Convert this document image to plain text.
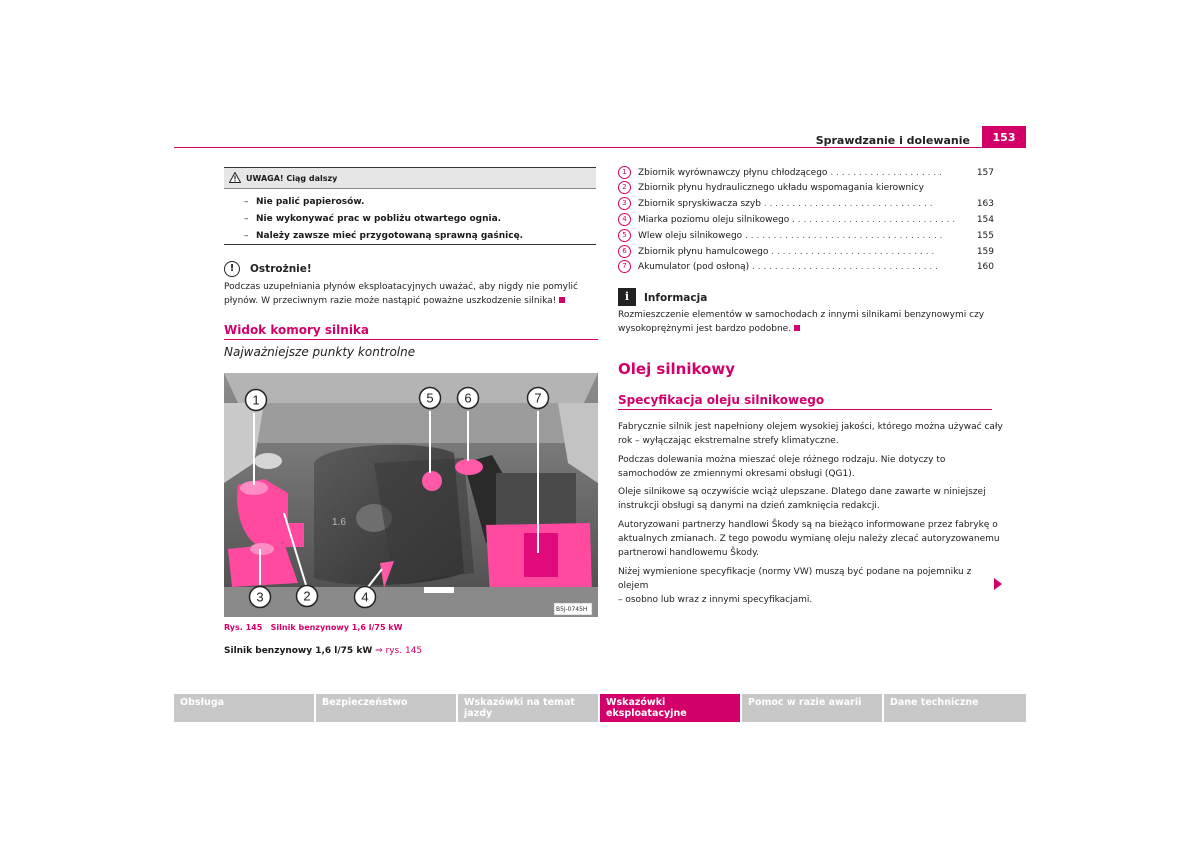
Sprawdzanie i dolewanie	153
UWAGA! Ciąg dalszy
– Nie palić papierosów.
– Nie wykonywać prac w pobliżu otwartego ognia.
– Należy zawsze mieć przygotowaną sprawną gaśnicę.
!	Ostrożnie!
Podczas uzupełniania płynów eksploatacyjnych uważać, aby nigdy nie pomylić
płynów. W przeciwnym razie może nastąpić poważne uszkodzenie silnika!
Widok komory silnika
Najważniejsze punkty kontrolne
1.6
1
2
3	4
5 6	7
B5J-0745H
Rys. 145 Silnik benzynowy 1,6 l/75 kW
Silnik benzynowy 1,6 l/75 kW ⇒ rys. 145
1	Zbiornik wyrównawczy płynu chłodzącego . . . . . . . . . . . . . . . . . . . .	157
2	Zbiornik płynu hydraulicznego układu wspomagania kierownicy
3	Zbiornik spryskiwacza szyb . . . . . . . . . . . . . . . . . . . . . . . . . . . . . .	163
4	Miarka poziomu oleju silnikowego . . . . . . . . . . . . . . . . . . . . . . . . . . . . .	154
5	Wlew oleju silnikowego . . . . . . . . . . . . . . . . . . . . . . . . . . . . . . . . . . .	155
6	Zbiornik płynu hamulcowego . . . . . . . . . . . . . . . . . . . . . . . . . . . . .	159
7	Akumulator (pod osłoną) . . . . . . . . . . . . . . . . . . . . . . . . . . . . . . . . .	160
i	Informacja
Rozmieszczenie elementów w samochodach z innymi silnikami benzynowymi czy
wysokoprężnymi jest bardzo podobne.
Olej silnikowy
Specyfikacja oleju silnikowego
Fabrycznie silnik jest napełniony olejem wysokiej jakości, którego można używać cały
rok – wyłączając ekstremalne strefy klimatyczne.
Podczas dolewania można mieszać oleje różnego rodzaju. Nie dotyczy to
samochodów ze zmiennymi okresami obsługi (QG1).
Oleje silnikowe są oczywiście wciąż ulepszane. Dlatego dane zawarte w niniejszej
instrukcji obsługi są danymi na dzień zamknięcia redakcji.
Autoryzowani partnerzy handlowi Škody są na bieżąco informowane przez fabrykę o
aktualnych zmianach. Z tego powodu wymianę oleju należy zlecać autoryzowanemu
partnerowi handlowemu Škody.
Niżej wymienione specyfikacje (normy VW) muszą być podane na pojemniku z olejem
– osobno lub wraz z innymi specyfikacjami.
Obsługa	Bezpieczeństwo	Wskazówki na temat jazdy
Wskazówki eksploatacyjne
Pomoc w razie awarii	Dane techniczne
